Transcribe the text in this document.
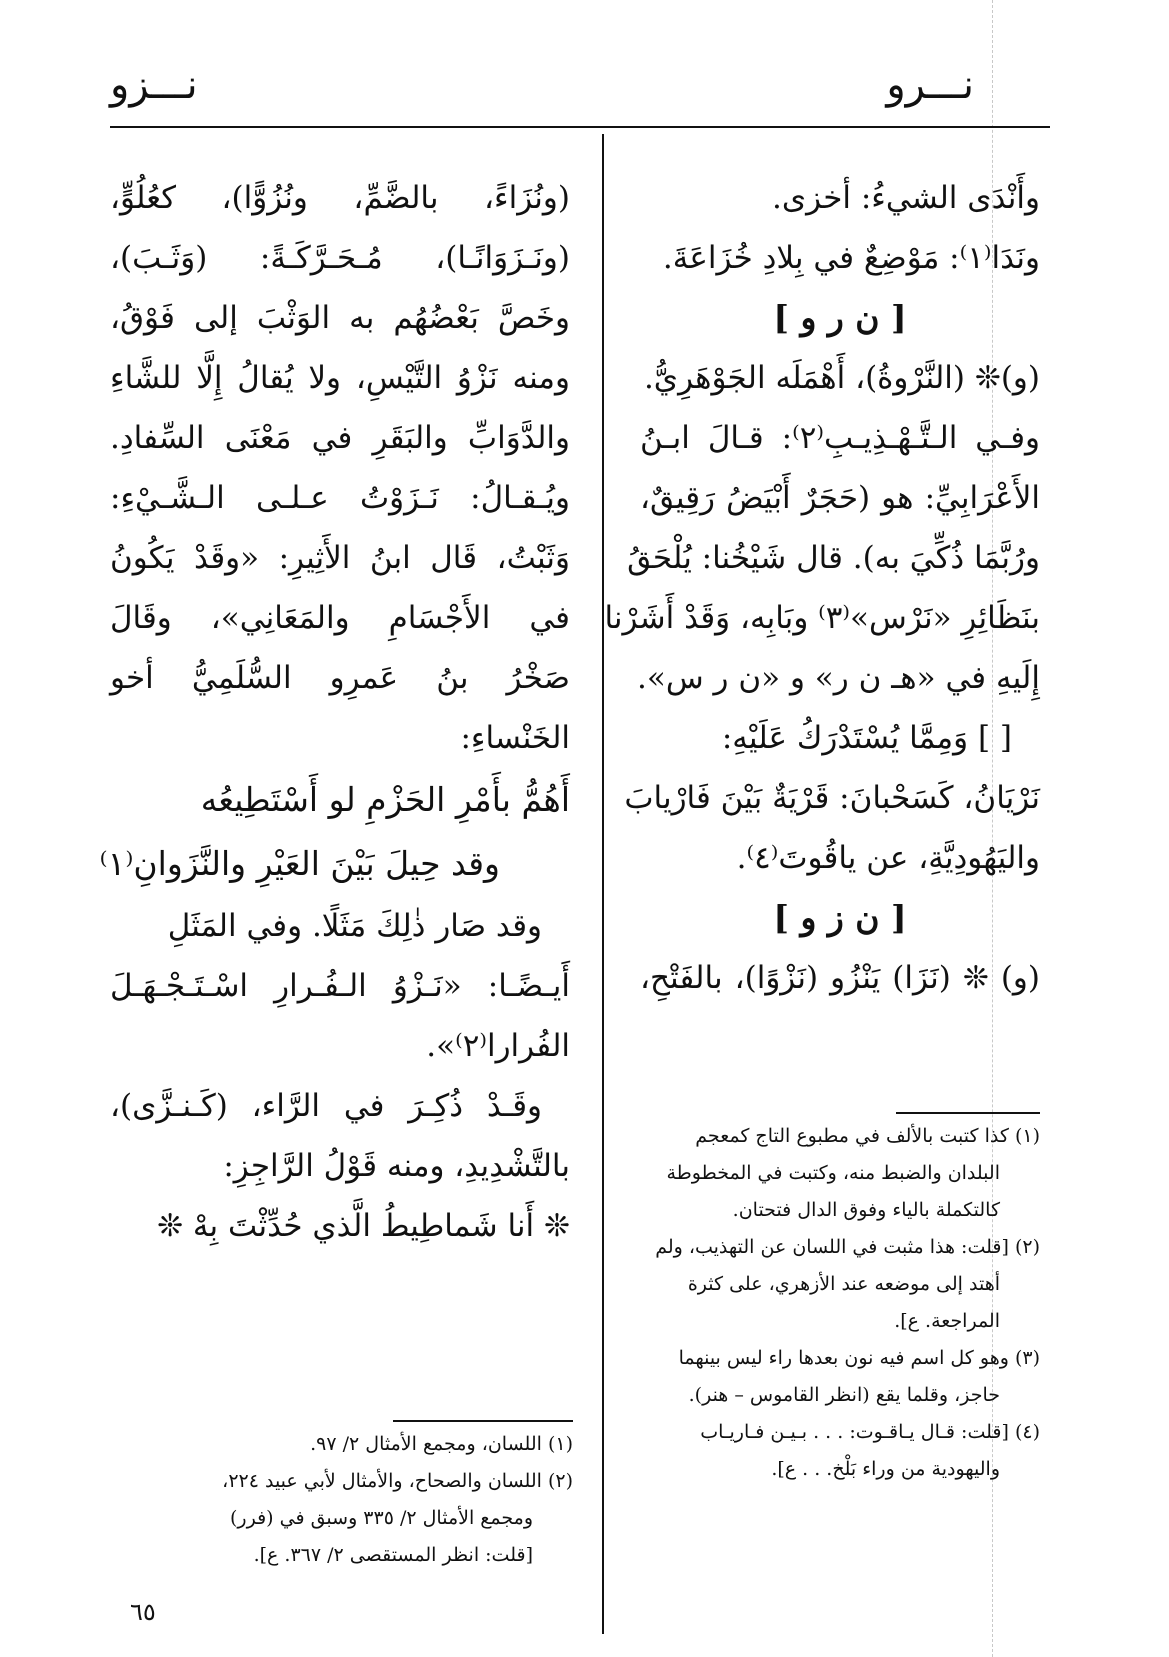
نـــرو
نـــزو
وأَنْدَى الشيءُ: أخزى.
ونَدَا⁽١⁾: مَوْضِعٌ في بِلادِ خُزَاعَةَ.
[ ن ر و ]
(و)❊ (النَّرْوةُ)، أَهْمَلَه الجَوْهَرِيُّ.
وفـي الـتَّـهْـذِيـبِ⁽٢⁾: قـالَ ابـنُ
الأَعْرَابِيِّ: هو (حَجَرٌ أَبْيَضُ رَقِيقٌ،
ورُبَّمَا ذُكِّيَ به). قال شَيْخُنا: يُلْحَقُ
بنَظَائِرِ «نَرْس»⁽٣⁾ وبَابِه، وَقَدْ أَشَرْنا
إِلَيهِ في «هـ ن ر» و «ن ر س».
[ ] وَمِمَّا يُسْتَدْرَكُ عَلَيْهِ:
نَرْيَانُ، كَسَحْبانَ: قَرْيَةٌ بَيْنَ فَارْيابَ
واليَهُودِيَّةِ، عن ياقُوتَ⁽٤⁾.
[ ن ز و ]
(و) ❊ (نَزَا) يَنْزُو (نَزْوًا)، بالفَتْحِ،
(ونُزَاءً، بالضَّمِّ، ونُزُوًّا)، كعُلُوٍّ،
(ونَـزَوَانًـا)، مُـحَـرَّكَـةً: (وَثَـبَ)،
وخَصَّ بَعْضُهُم به الوَثْبَ إلى فَوْقُ،
ومنه نَزْوُ التَّيْسِ، ولا يُقالُ إِلَّا للشَّاءِ
والدَّوَابِّ والبَقَرِ في مَعْنَى السِّفادِ.
ويُـقـالُ: نَـزَوْتُ عـلـى الـشَّـيْءِ:
وَثَبْتُ، قَال ابنُ الأَثِيرِ: «وقَدْ يَكُونُ
في الأَجْسَامِ والمَعَانِي»، وقَالَ
صَخْرُ بنُ عَمرِو السُّلَمِيُّ أخو
الخَنْساءِ:
أَهُمُّ بأَمْرِ الحَزْمِ لو أَسْتَطِيعُه
وقد حِيلَ بَيْنَ العَيْرِ والنَّزَوانِ⁽١⁾
وقد صَار ذٰلِكَ مَثَلًا. وفي المَثَلِ
أَيـضًـا: «نَـزْوُ الـفُـرارِ اسْـتَـجْـهَـلَ
الفُرارا⁽٢⁾».
وقَـدْ ذُكِـرَ في الرَّاء، (كَـنـزَّى)،
بالتَّشْدِيدِ، ومنه قَوْلُ الرَّاجِزِ:
❊ أَنا شَماطِيطُ الَّذي حُدِّثْتَ بِهْ ❊
(١) كذا كتبت بالألف في مطبوع التاج كمعجم
البلدان والضبط منه، وكتبت في المخطوطة
كالتكملة بالياء وفوق الدال فتحتان.
(٢) [قلت: هذا مثبت في اللسان عن التهذيب، ولم
أهتد إلى موضعه عند الأزهري، على كثرة
المراجعة. ع].
(٣) وهو كل اسم فيه نون بعدها راء ليس بينهما
حاجز، وقلما يقع (انظر القاموس – هنر).
(٤) [قلت: قـال يـاقـوت: . . . بـيـن فـاريـاب
واليهودية من وراء بَلْخ. . . ع].
(١) اللسان، ومجمع الأمثال ٢/ ٩٧.
(٢) اللسان والصحاح، والأمثال لأبي عبيد ٢٢٤،
ومجمع الأمثال ٢/ ٣٣٥ وسبق في (فرر)
[قلت: انظر المستقصى ٢/ ٣٦٧. ع].
٦٥
